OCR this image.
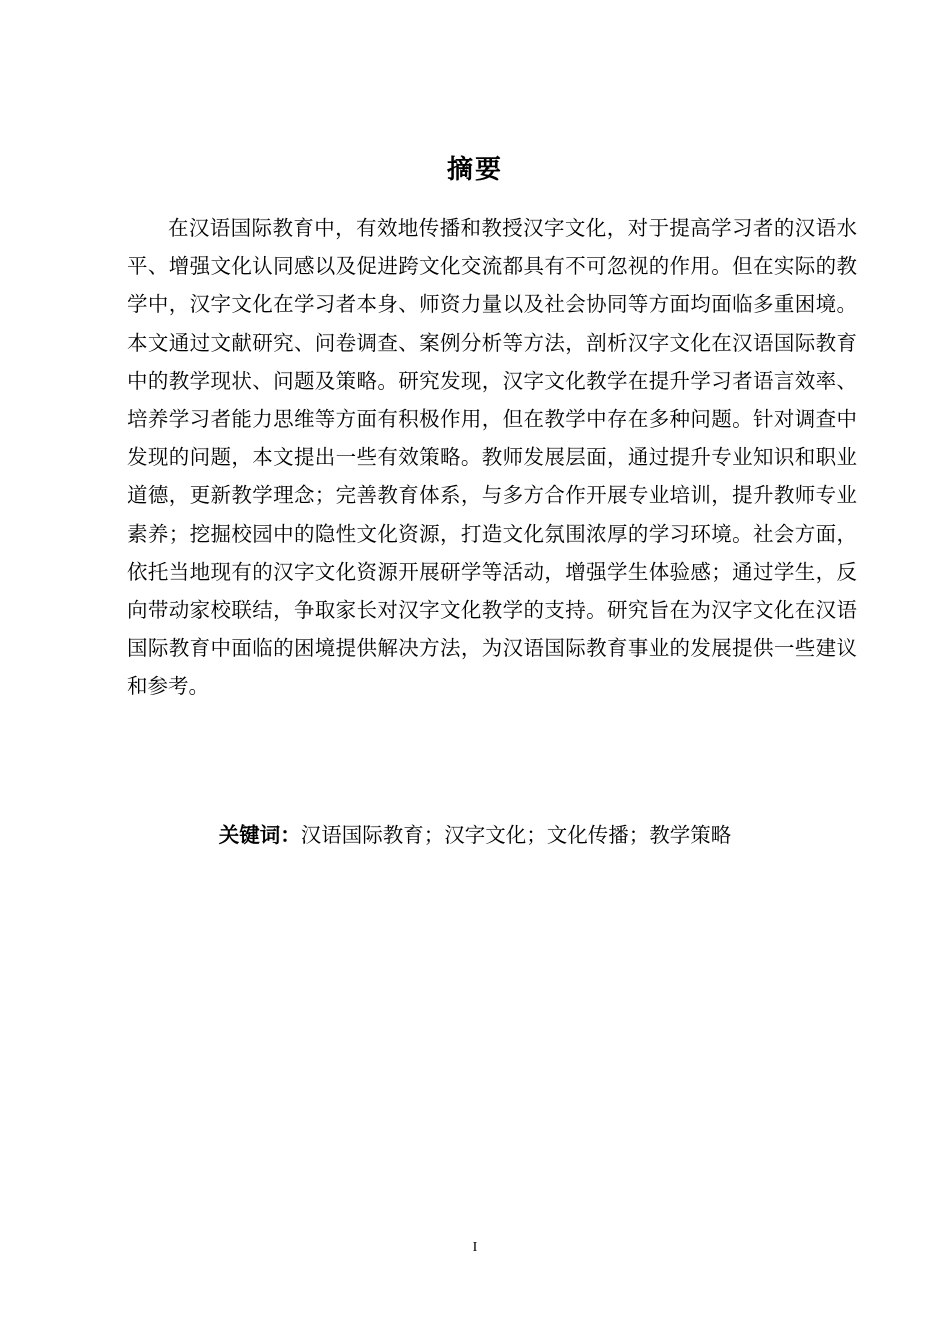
摘要

在汉语国际教育中，有效地传播和教授汉字文化，对于提高学习者的汉语水平、增强文化认同感以及促进跨文化交流都具有不可忽视的作用。但在实际的教学中，汉字文化在学习者本身、师资力量以及社会协同等方面均面临多重困境。本文通过文献研究、问卷调查、案例分析等方法，剖析汉字文化在汉语国际教育中的教学现状、问题及策略。研究发现，汉字文化教学在提升学习者语言效率、培养学习者能力思维等方面有积极作用，但在教学中存在多种问题。针对调查中发现的问题，本文提出一些有效策略。教师发展层面，通过提升专业知识和职业道德，更新教学理念；完善教育体系，与多方合作开展专业培训，提升教师专业素养；挖掘校园中的隐性文化资源，打造文化氛围浓厚的学习环境。社会方面，依托当地现有的汉字文化资源开展研学等活动，增强学生体验感；通过学生，反向带动家校联结，争取家长对汉字文化教学的支持。研究旨在为汉字文化在汉语国际教育中面临的困境提供解决方法，为汉语国际教育事业的发展提供一些建议和参考。

关键词：汉语国际教育；汉字文化；文化传播；教学策略
I
